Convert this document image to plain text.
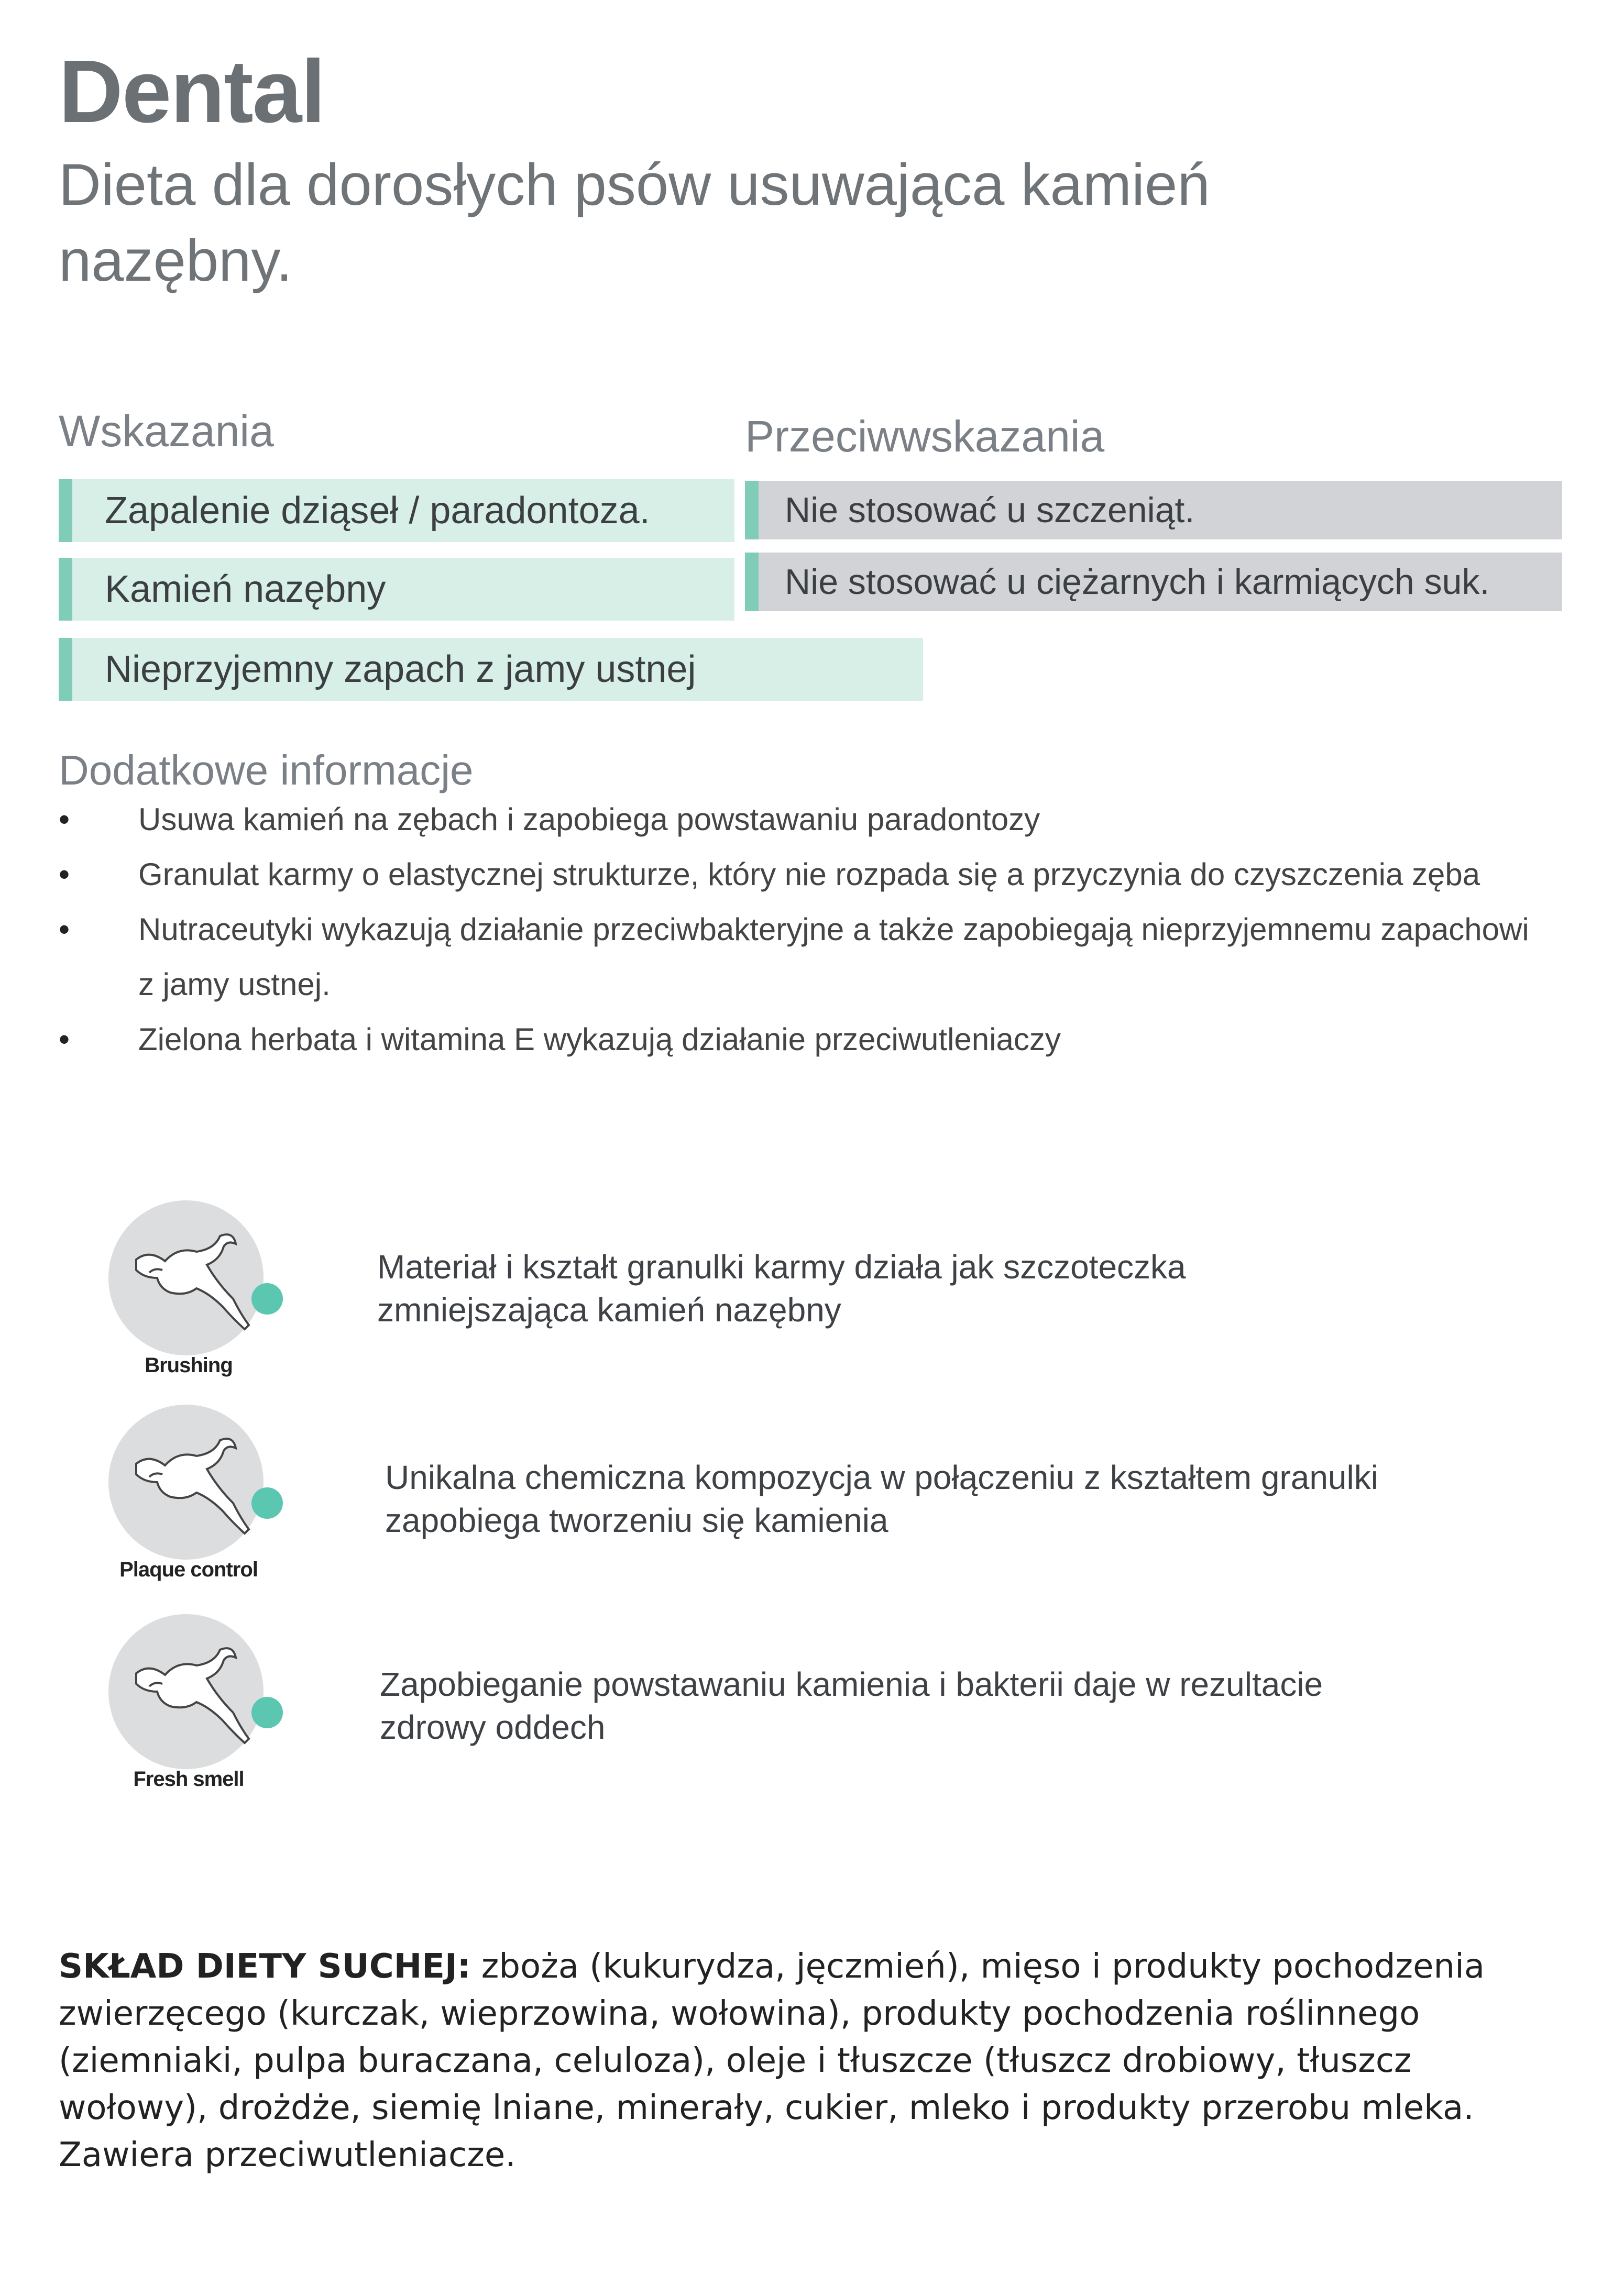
Dental
Dieta dla dorosłych psów usuwająca kamień nazębny.
Wskazania
Zapalenie dziąseł / paradontoza.
Kamień nazębny
Nieprzyjemny zapach z jamy ustnej
Przeciwwskazania
Nie stosować u szczeniąt.
Nie stosować u ciężarnych i karmiących suk.
Dodatkowe informacje
• Usuwa kamień na zębach i zapobiega powstawaniu paradontozy
• Granulat karmy o elastycznej strukturze, który nie rozpada się a przyczynia do czyszczenia zęba
• Nutraceutyki wykazują działanie przeciwbakteryjne a także zapobiegają nieprzyjemnemu zapachowi
z jamy ustnej.
• Zielona herbata i witamina E wykazują działanie przeciwutleniaczy
Brushing
Materiał i kształt granulki karmy działa jak szczoteczka
zmniejszająca kamień nazębny
Plaque control
Unikalna chemiczna kompozycja w połączeniu z kształtem granulki
zapobiega tworzeniu się kamienia
Fresh smell
Zapobieganie powstawaniu kamienia i bakterii daje w rezultacie
zdrowy oddech
SKŁAD DIETY SUCHEJ: zboża (kukurydza, jęczmień), mięso i produkty pochodzenia zwierzęcego (kurczak, wieprzowina, wołowina), produkty pochodzenia roślinnego (ziemniaki, pulpa buraczana, celuloza), oleje i tłuszcze (tłuszcz drobiowy, tłuszcz wołowy), drożdże, siemię lniane, minerały, cukier, mleko i produkty przerobu mleka. Zawiera przeciwutleniacze.
